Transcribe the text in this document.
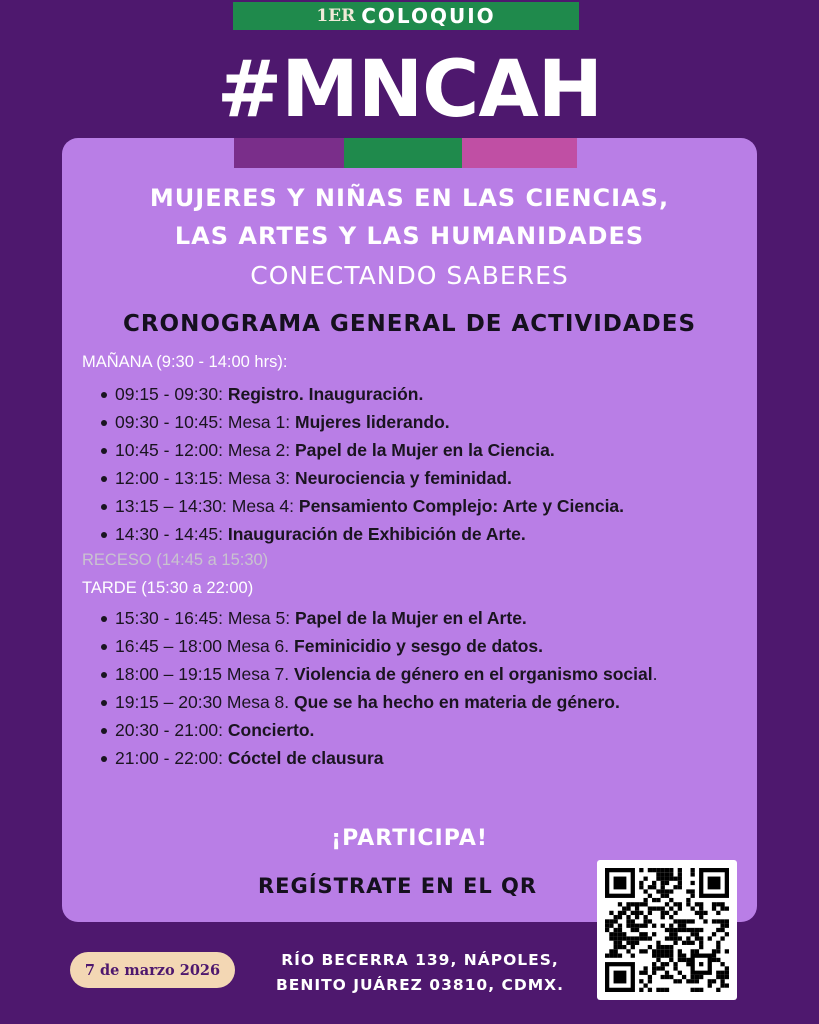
1ER COLOQUIO
#MNCAH
MUJERES Y NIÑAS EN LAS CIENCIAS,
LAS ARTES Y LAS HUMANIDADES
CONECTANDO SABERES
CRONOGRAMA GENERAL DE ACTIVIDADES
MAÑANA (9:30 - 14:00 hrs):
09:15 - 09:30: Registro. Inauguración.
09:30 - 10:45: Mesa 1: Mujeres liderando.
10:45 - 12:00: Mesa 2: Papel de la Mujer en la Ciencia.
12:00 - 13:15: Mesa 3: Neurociencia y feminidad.
13:15 – 14:30: Mesa 4: Pensamiento Complejo: Arte y Ciencia.
14:30 - 14:45: Inauguración de Exhibición de Arte.
RECESO (14:45 a 15:30)
TARDE (15:30 a 22:00)
15:30 - 16:45: Mesa 5: Papel de la Mujer en el Arte.
16:45 – 18:00 Mesa 6. Feminicidio y sesgo de datos.
18:00 – 19:15 Mesa 7. Violencia de género en el organismo social.
19:15 – 20:30 Mesa 8. Que se ha hecho en materia de género.
20:30 - 21:00: Concierto.
21:00 - 22:00: Cóctel de clausura
¡PARTICIPA!
REGÍSTRATE EN EL QR
7 de marzo 2026
RÍO BECERRA 139, NÁPOLES,
BENITO JUÁREZ 03810, CDMX.
